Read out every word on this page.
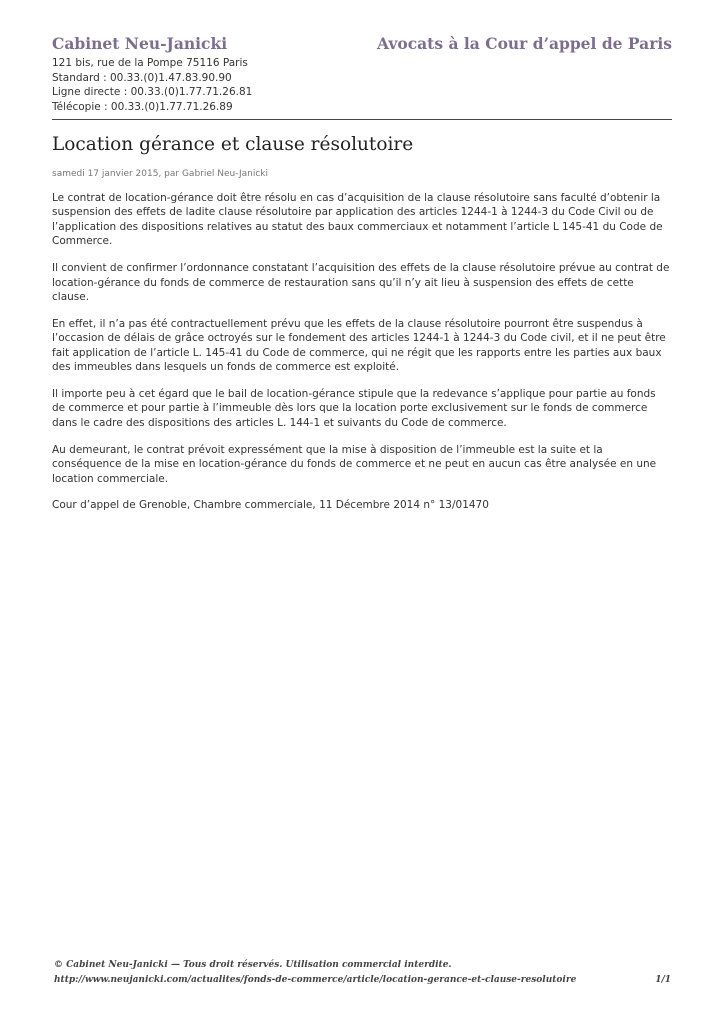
Cabinet Neu-Janicki	Avocats à la Cour d’appel de Paris
121 bis, rue de la Pompe 75116 Paris
Standard : 00.33.(0)1.47.83.90.90
Ligne directe : 00.33.(0)1.77.71.26.81
Télécopie : 00.33.(0)1.77.71.26.89
Location gérance et clause résolutoire
samedi 17 janvier 2015, par Gabriel Neu-Janicki

Le contrat de location-gérance doit être résolu en cas d’acquisition de la clause résolutoire sans faculté d’obtenir la suspension des effets de ladite clause résolutoire par application des articles 1244-1 à 1244-3 du Code Civil ou de l’application des dispositions relatives au statut des baux commerciaux et notamment l’article L 145-41 du Code de Commerce.

Il convient de confirmer l’ordonnance constatant l’acquisition des effets de la clause résolutoire prévue au contrat de location-gérance du fonds de commerce de restauration sans qu’il n’y ait lieu à suspension des effets de cette clause.

En effet, il n’a pas été contractuellement prévu que les effets de la clause résolutoire pourront être suspendus à l’occasion de délais de grâce octroyés sur le fondement des articles 1244-1 à 1244-3 du Code civil, et il ne peut être fait application de l’article L. 145-41 du Code de commerce, qui ne régit que les rapports entre les parties aux baux des immeubles dans lesquels un fonds de commerce est exploité.

Il importe peu à cet égard que le bail de location-gérance stipule que la redevance s’applique pour partie au fonds de commerce et pour partie à l’immeuble dès lors que la location porte exclusivement sur le fonds de commerce dans le cadre des dispositions des articles L. 144-1 et suivants du Code de commerce.

Au demeurant, le contrat prévoit expressément que la mise à disposition de l’immeuble est la suite et la conséquence de la mise en location-gérance du fonds de commerce et ne peut en aucun cas être analysée en une location commerciale.

Cour d’appel de Grenoble, Chambre commerciale, 11 Décembre 2014 n° 13/01470

© Cabinet Neu-Janicki — Tous droit réservés. Utilisation commercial interdite.
http://www.neujanicki.com/actualites/fonds-de-commerce/article/location-gerance-et-clause-resolutoire	1/1
